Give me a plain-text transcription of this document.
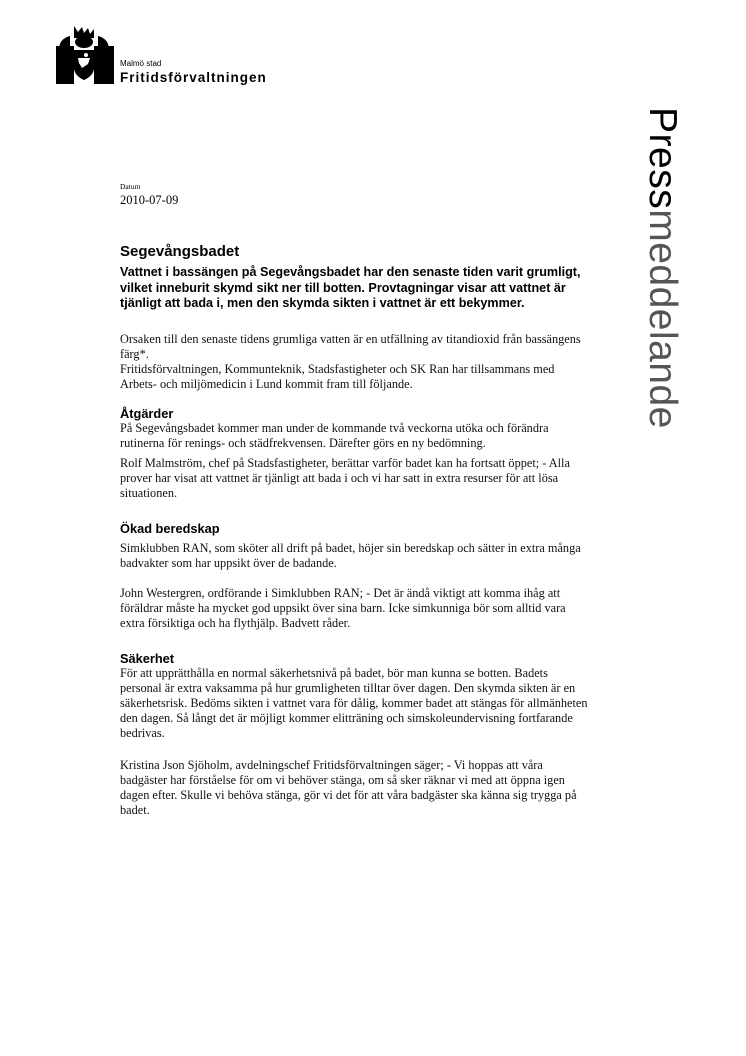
Malmö stad
Fritidsförvaltningen
Pressmeddelande
Datum
2010-07-09
Segevångsbadet

Vattnet i bassängen på Segevångsbadet har den senaste tiden varit grumligt, vilket inneburit skymd sikt ner till botten. Provtagningar visar att vattnet är tjänligt att bada i, men den skymda sikten i vattnet är ett bekymmer.

Orsaken till den senaste tidens grumliga vatten är en utfällning av titandioxid från bassängens färg*.

Fritidsförvaltningen, Kommunteknik, Stadsfastigheter och SK Ran har tillsammans med Arbets- och miljömedicin i Lund kommit fram till följande.

Åtgärder

På Segevångsbadet kommer man under de kommande två veckorna utöka och förändra rutinerna för renings- och städfrekvensen. Därefter görs en ny bedömning.

Rolf Malmström, chef på Stadsfastigheter, berättar varför badet kan ha fortsatt öppet; - Alla prover har visat att vattnet är tjänligt att bada i och vi har satt in extra resurser för att lösa situationen.

Ökad beredskap

Simklubben RAN, som sköter all drift på badet, höjer sin beredskap och sätter in extra många badvakter som har uppsikt över de badande.

John Westergren, ordförande i Simklubben RAN; - Det är ändå viktigt att komma ihåg att föräldrar måste ha mycket god uppsikt över sina barn. Icke simkunniga bör som alltid vara extra försiktiga och ha flythjälp. Badvett råder.

Säkerhet

För att upprätthålla en normal säkerhetsnivå på badet, bör man kunna se botten. Badets personal är extra vaksamma på hur grumligheten tilltar över dagen. Den skymda sikten är en säkerhetsrisk. Bedöms sikten i vattnet vara för dålig, kommer badet att stängas för allmänheten den dagen. Så långt det är möjligt kommer elitträning och simskoleundervisning fortfarande bedrivas.

Kristina Json Sjöholm, avdelningschef Fritidsförvaltningen säger; - Vi hoppas att våra badgäster har förståelse för om vi behöver stänga, om så sker räknar vi med att öppna igen dagen efter. Skulle vi behöva stänga, gör vi det för att våra badgäster ska känna sig trygga på badet.
